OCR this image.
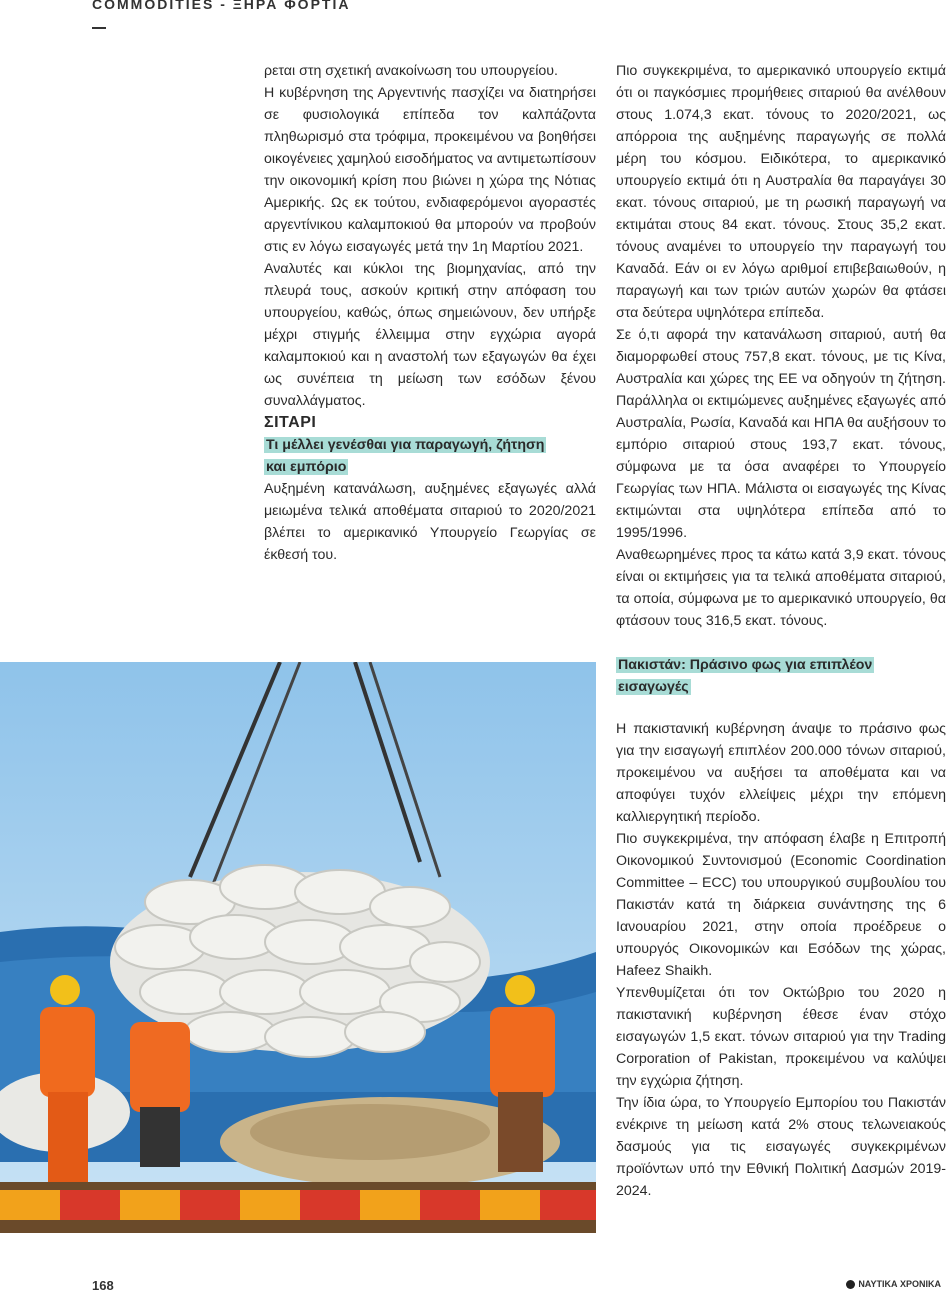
COMMODITIES - ΞΗΡΑ ΦΟΡΤΙΑ

ρεται στη σχετική ανακοίνωση του υπουργείου.

Η κυβέρνηση της Αργεντινής πασχίζει να διατηρήσει σε φυσιολογικά επίπεδα τον καλπάζοντα πληθωρισμό στα τρόφιμα, προκειμένου να βοηθήσει οικογένειες χαμηλού εισοδήματος να αντιμετωπίσουν την οικονομική κρίση που βιώνει η χώρα της Νότιας Αμερικής. Ως εκ τούτου, ενδιαφερόμενοι αγοραστές αργεντίνικου καλαμποκιού θα μπορούν να προβούν στις εν λόγω εισαγωγές μετά την 1η Μαρτίου 2021.

Αναλυτές και κύκλοι της βιομηχανίας, από την πλευρά τους, ασκούν κριτική στην απόφαση του υπουργείου, καθώς, όπως σημειώνουν, δεν υπήρξε μέχρι στιγμής έλλειμμα στην εγχώρια αγορά καλαμποκιού και η αναστολή των εξαγωγών θα έχει ως συνέπεια τη μείωση των εσόδων ξένου συναλλάγματος.

ΣΙΤΑΡΙ

Τι μέλλει γενέσθαι για παραγωγή, ζήτηση
και εμπόριο

Αυξημένη κατανάλωση, αυξημένες εξαγωγές αλλά μειωμένα τελικά αποθέματα σιταριού το 2020/2021 βλέπει το αμερικανικό Υπουργείο Γεωργίας σε έκθεσή του.

Πιο συγκεκριμένα, το αμερικανικό υπουργείο εκτιμά ότι οι παγκόσμιες προμήθειες σιταριού θα ανέλθουν στους 1.074,3 εκατ. τόνους το 2020/2021, ως απόρροια της αυξημένης παραγωγής σε πολλά μέρη του κόσμου. Ειδικότερα, το αμερικανικό υπουργείο εκτιμά ότι η Αυστραλία θα παραγάγει 30 εκατ. τόνους σιταριού, με τη ρωσική παραγωγή να εκτιμάται στους 84 εκατ. τόνους. Στους 35,2 εκατ. τόνους αναμένει το υπουργείο την παραγωγή του Καναδά. Εάν οι εν λόγω αριθμοί επιβεβαιωθούν, η παραγωγή και των τριών αυτών χωρών θα φτάσει στα δεύτερα υψηλότερα επίπεδα.

Σε ό,τι αφορά την κατανάλωση σιταριού, αυτή θα διαμορφωθεί στους 757,8 εκατ. τόνους, με τις Κίνα, Αυστραλία και χώρες της ΕΕ να οδηγούν τη ζήτηση. Παράλληλα οι εκτιμώμενες αυξημένες εξαγωγές από Αυστραλία, Ρωσία, Καναδά και ΗΠΑ θα αυξήσουν το εμπόριο σιταριού στους 193,7 εκατ. τόνους, σύμφωνα με τα όσα αναφέρει το Υπουργείο Γεωργίας των ΗΠΑ. Μάλιστα οι εισαγωγές της Κίνας εκτιμώνται στα υψηλότερα επίπεδα από το 1995/1996.

Αναθεωρημένες προς τα κάτω κατά 3,9 εκατ. τόνους είναι οι εκτιμήσεις για τα τελικά αποθέματα σιταριού, τα οποία, σύμφωνα με το αμερικανικό υπουργείο, θα φτάσουν τους 316,5 εκατ. τόνους.

Πακιστάν: Πράσινο φως για επιπλέον
εισαγωγές

Η πακιστανική κυβέρνηση άναψε το πράσινο φως για την εισαγωγή επιπλέον 200.000 τόνων σιταριού, προκειμένου να αυξήσει τα αποθέματα και να αποφύγει τυχόν ελλείψεις μέχρι την επόμενη καλλιεργητική περίοδο.

Πιο συγκεκριμένα, την απόφαση έλαβε η Επιτροπή Οικονομικού Συντονισμού (Economic Coordination Committee – ECC) του υπουργικού συμβουλίου του Πακιστάν κατά τη διάρκεια συνάντησης της 6 Ιανουαρίου 2021, στην οποία προέδρευε ο υπουργός Οικονομικών και Εσόδων της χώρας, Hafeez Shaikh.

Υπενθυμίζεται ότι τον Οκτώβριο του 2020 η πακιστανική κυβέρνηση έθεσε έναν στόχο εισαγωγών 1,5 εκατ. τόνων σιταριού για την Trading Corporation of Pakistan, προκειμένου να καλύψει την εγχώρια ζήτηση.

Την ίδια ώρα, το Υπουργείο Εμπορίου του Πακιστάν ενέκρινε τη μείωση κατά 2% στους τελωνειακούς δασμούς για τις εισαγωγές συγκεκριμένων προϊόντων υπό την Εθνική Πολιτική Δασμών 2019-2024.

168	ΝΑΥΤΙΚΑ ΧΡΟΝΙΚΑ
